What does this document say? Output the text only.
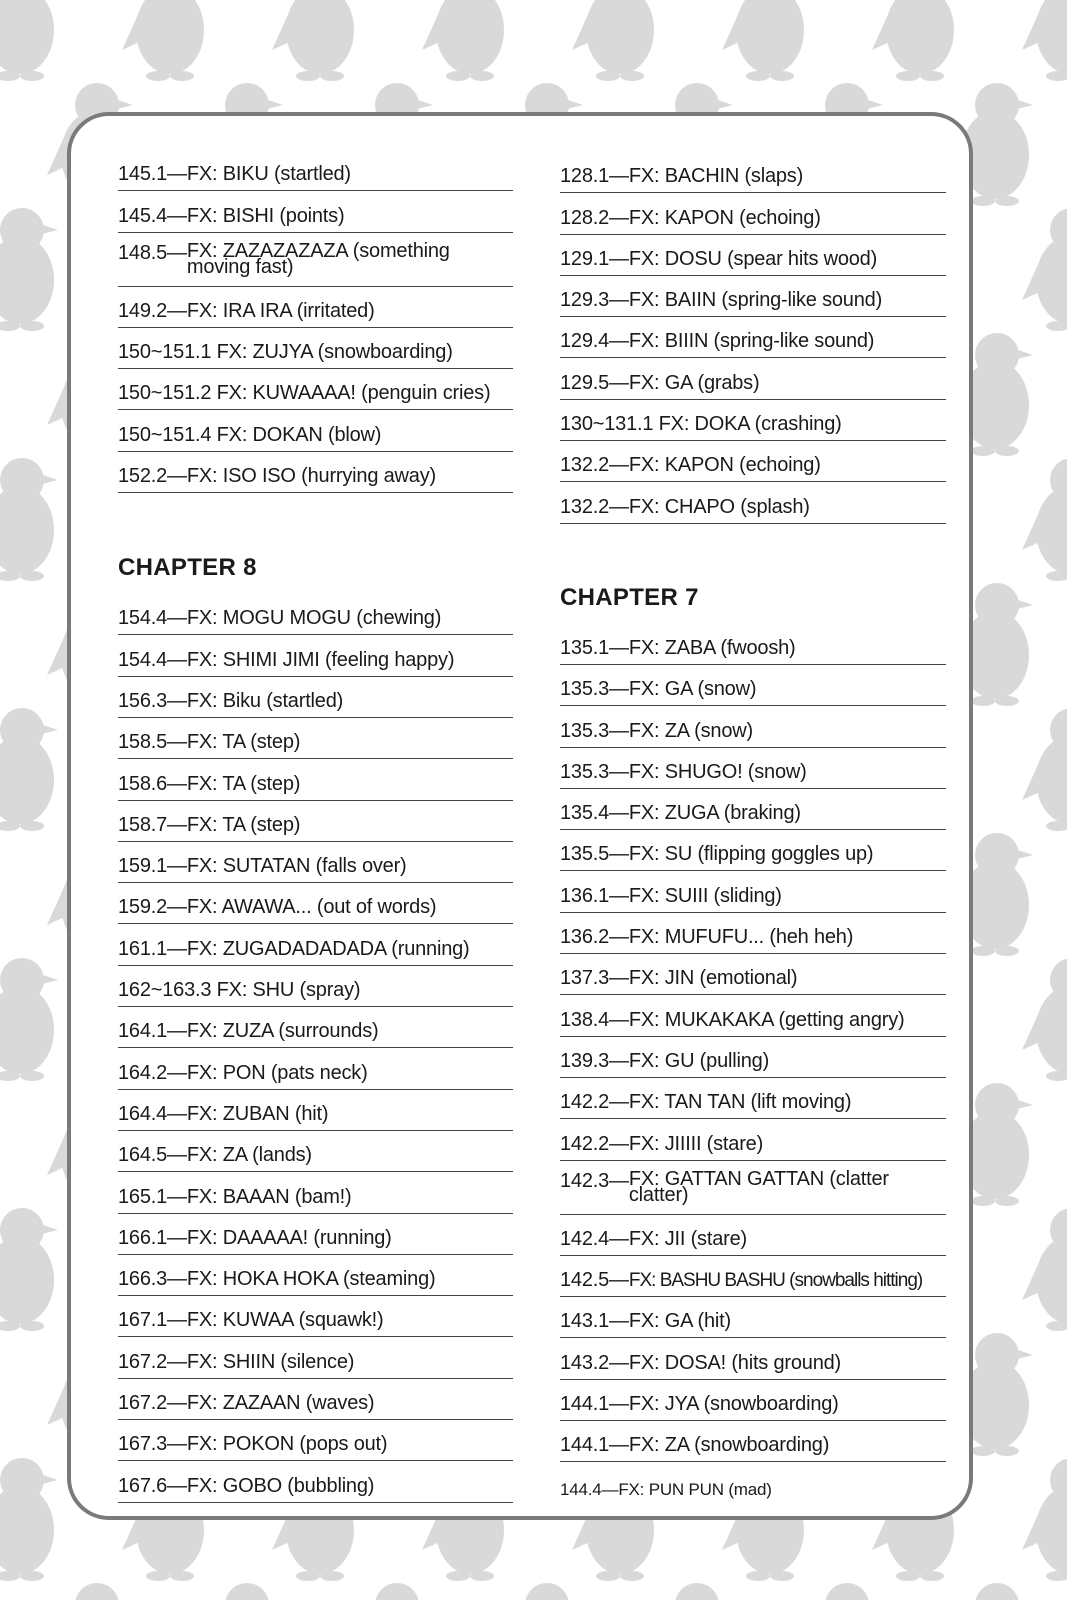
145.1— FX: BIKU (startled)
145.4— FX: BISHI (points)
148.5— FX: ZAZAZAZAZA (something moving fast)
149.2— FX: IRA IRA (irritated)
150~151.1 FX: ZUJYA (snowboarding)
150~151.2 FX: KUWAAAA! (penguin cries)
150~151.4 FX: DOKAN (blow)
152.2— FX: ISO ISO (hurrying away)
CHAPTER 8
154.4— FX: MOGU MOGU (chewing)
154.4— FX: SHIMI JIMI (feeling happy)
156.3— FX: Biku (startled)
158.5— FX: TA (step)
158.6— FX: TA (step)
158.7— FX: TA (step)
159.1— FX: SUTATAN (falls over)
159.2— FX: AWAWA... (out of words)
161.1— FX: ZUGADADADADA (running)
162~163.3 FX: SHU (spray)
164.1— FX: ZUZA (surrounds)
164.2— FX: PON (pats neck)
164.4— FX: ZUBAN (hit)
164.5— FX: ZA (lands)
165.1— FX: BAAAN (bam!)
166.1— FX: DAAAAA! (running)
166.3— FX: HOKA HOKA (steaming)
167.1— FX: KUWAA (squawk!)
167.2— FX: SHIIN (silence)
167.2— FX: ZAZAAN (waves)
167.3— FX: POKON (pops out)
167.6— FX: GOBO (bubbling)
128.1— FX: BACHIN (slaps)
128.2— FX: KAPON (echoing)
129.1— FX: DOSU (spear hits wood)
129.3— FX: BAIIN (spring-like sound)
129.4— FX: BIIIN (spring-like sound)
129.5— FX: GA (grabs)
130~131.1 FX: DOKA (crashing)
132.2— FX: KAPON (echoing)
132.2— FX: CHAPO (splash)
CHAPTER 7
135.1— FX: ZABA (fwoosh)
135.3— FX: GA (snow)
135.3— FX: ZA (snow)
135.3— FX: SHUGO! (snow)
135.4— FX: ZUGA (braking)
135.5— FX: SU (flipping goggles up)
136.1— FX: SUIII (sliding)
136.2— FX: MUFUFU... (heh heh)
137.3— FX: JIN (emotional)
138.4— FX: MUKAKAKA (getting angry)
139.3— FX: GU (pulling)
142.2— FX: TAN TAN (lift moving)
142.2— FX: JIIIII (stare)
142.3— FX: GATTAN GATTAN (clatter clatter)
142.4— FX: JII (stare)
142.5— FX: BASHU BASHU (snowballs hitting)
143.1— FX: GA (hit)
143.2— FX: DOSA! (hits ground)
144.1— FX: JYA (snowboarding)
144.1— FX: ZA (snowboarding)
144.4— FX: PUN PUN (mad)
